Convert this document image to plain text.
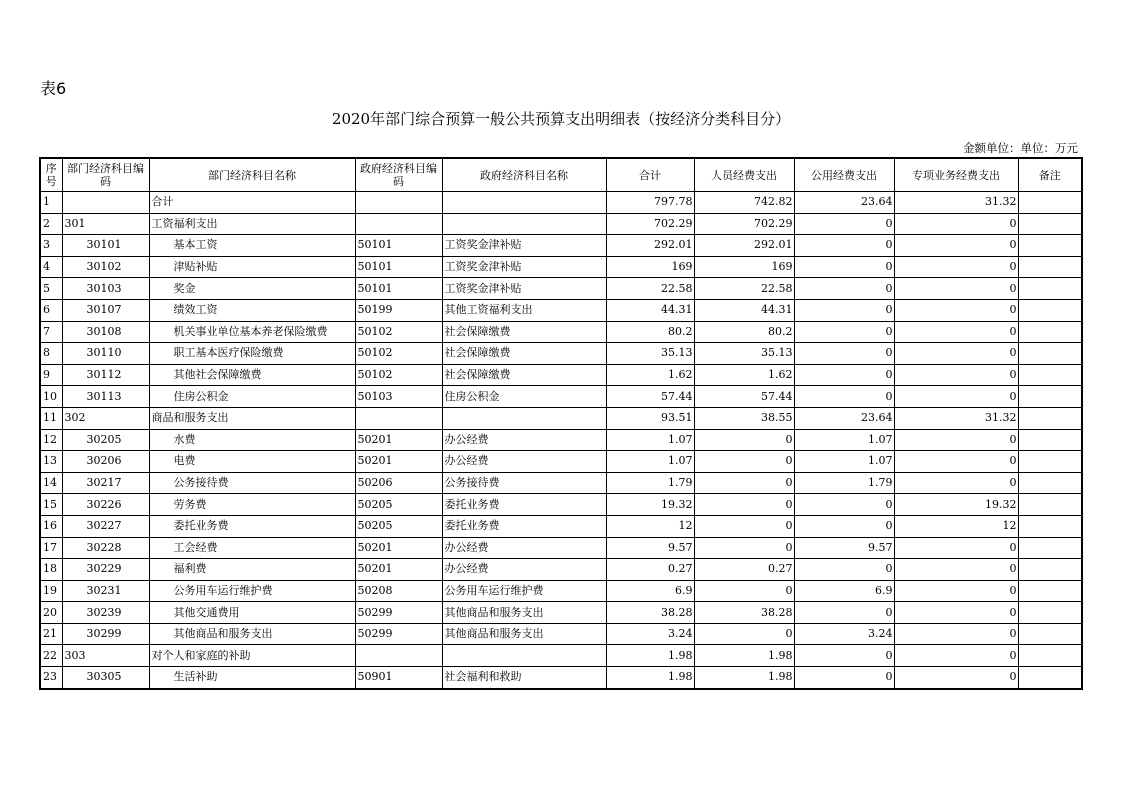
表6
2020年部门综合预算一般公共预算支出明细表（按经济分类科目分）
金额单位：单位：万元
序号	部门经济科目编码	部门经济科目名称	政府经济科目编码	政府经济科目名称	合计	人员经费支出	公用经费支出	专项业务经费支出	备注
1		合计			797.78	742.82	23.64	31.32	
2	301	工资福利支出			702.29	702.29	0	0	
3	30101	基本工资	50101	工资奖金津补贴	292.01	292.01	0	0	
4	30102	津贴补贴	50101	工资奖金津补贴	169	169	0	0	
5	30103	奖金	50101	工资奖金津补贴	22.58	22.58	0	0	
6	30107	绩效工资	50199	其他工资福利支出	44.31	44.31	0	0	
7	30108	机关事业单位基本养老保险缴费	50102	社会保障缴费	80.2	80.2	0	0	
8	30110	职工基本医疗保险缴费	50102	社会保障缴费	35.13	35.13	0	0	
9	30112	其他社会保障缴费	50102	社会保障缴费	1.62	1.62	0	0	
10	30113	住房公积金	50103	住房公积金	57.44	57.44	0	0	
11	302	商品和服务支出			93.51	38.55	23.64	31.32	
12	30205	水费	50201	办公经费	1.07	0	1.07	0	
13	30206	电费	50201	办公经费	1.07	0	1.07	0	
14	30217	公务接待费	50206	公务接待费	1.79	0	1.79	0	
15	30226	劳务费	50205	委托业务费	19.32	0	0	19.32	
16	30227	委托业务费	50205	委托业务费	12	0	0	12	
17	30228	工会经费	50201	办公经费	9.57	0	9.57	0	
18	30229	福利费	50201	办公经费	0.27	0.27	0	0	
19	30231	公务用车运行维护费	50208	公务用车运行维护费	6.9	0	6.9	0	
20	30239	其他交通费用	50299	其他商品和服务支出	38.28	38.28	0	0	
21	30299	其他商品和服务支出	50299	其他商品和服务支出	3.24	0	3.24	0	
22	303	对个人和家庭的补助			1.98	1.98	0	0	
23	30305	生活补助	50901	社会福利和救助	1.98	1.98	0	0	
